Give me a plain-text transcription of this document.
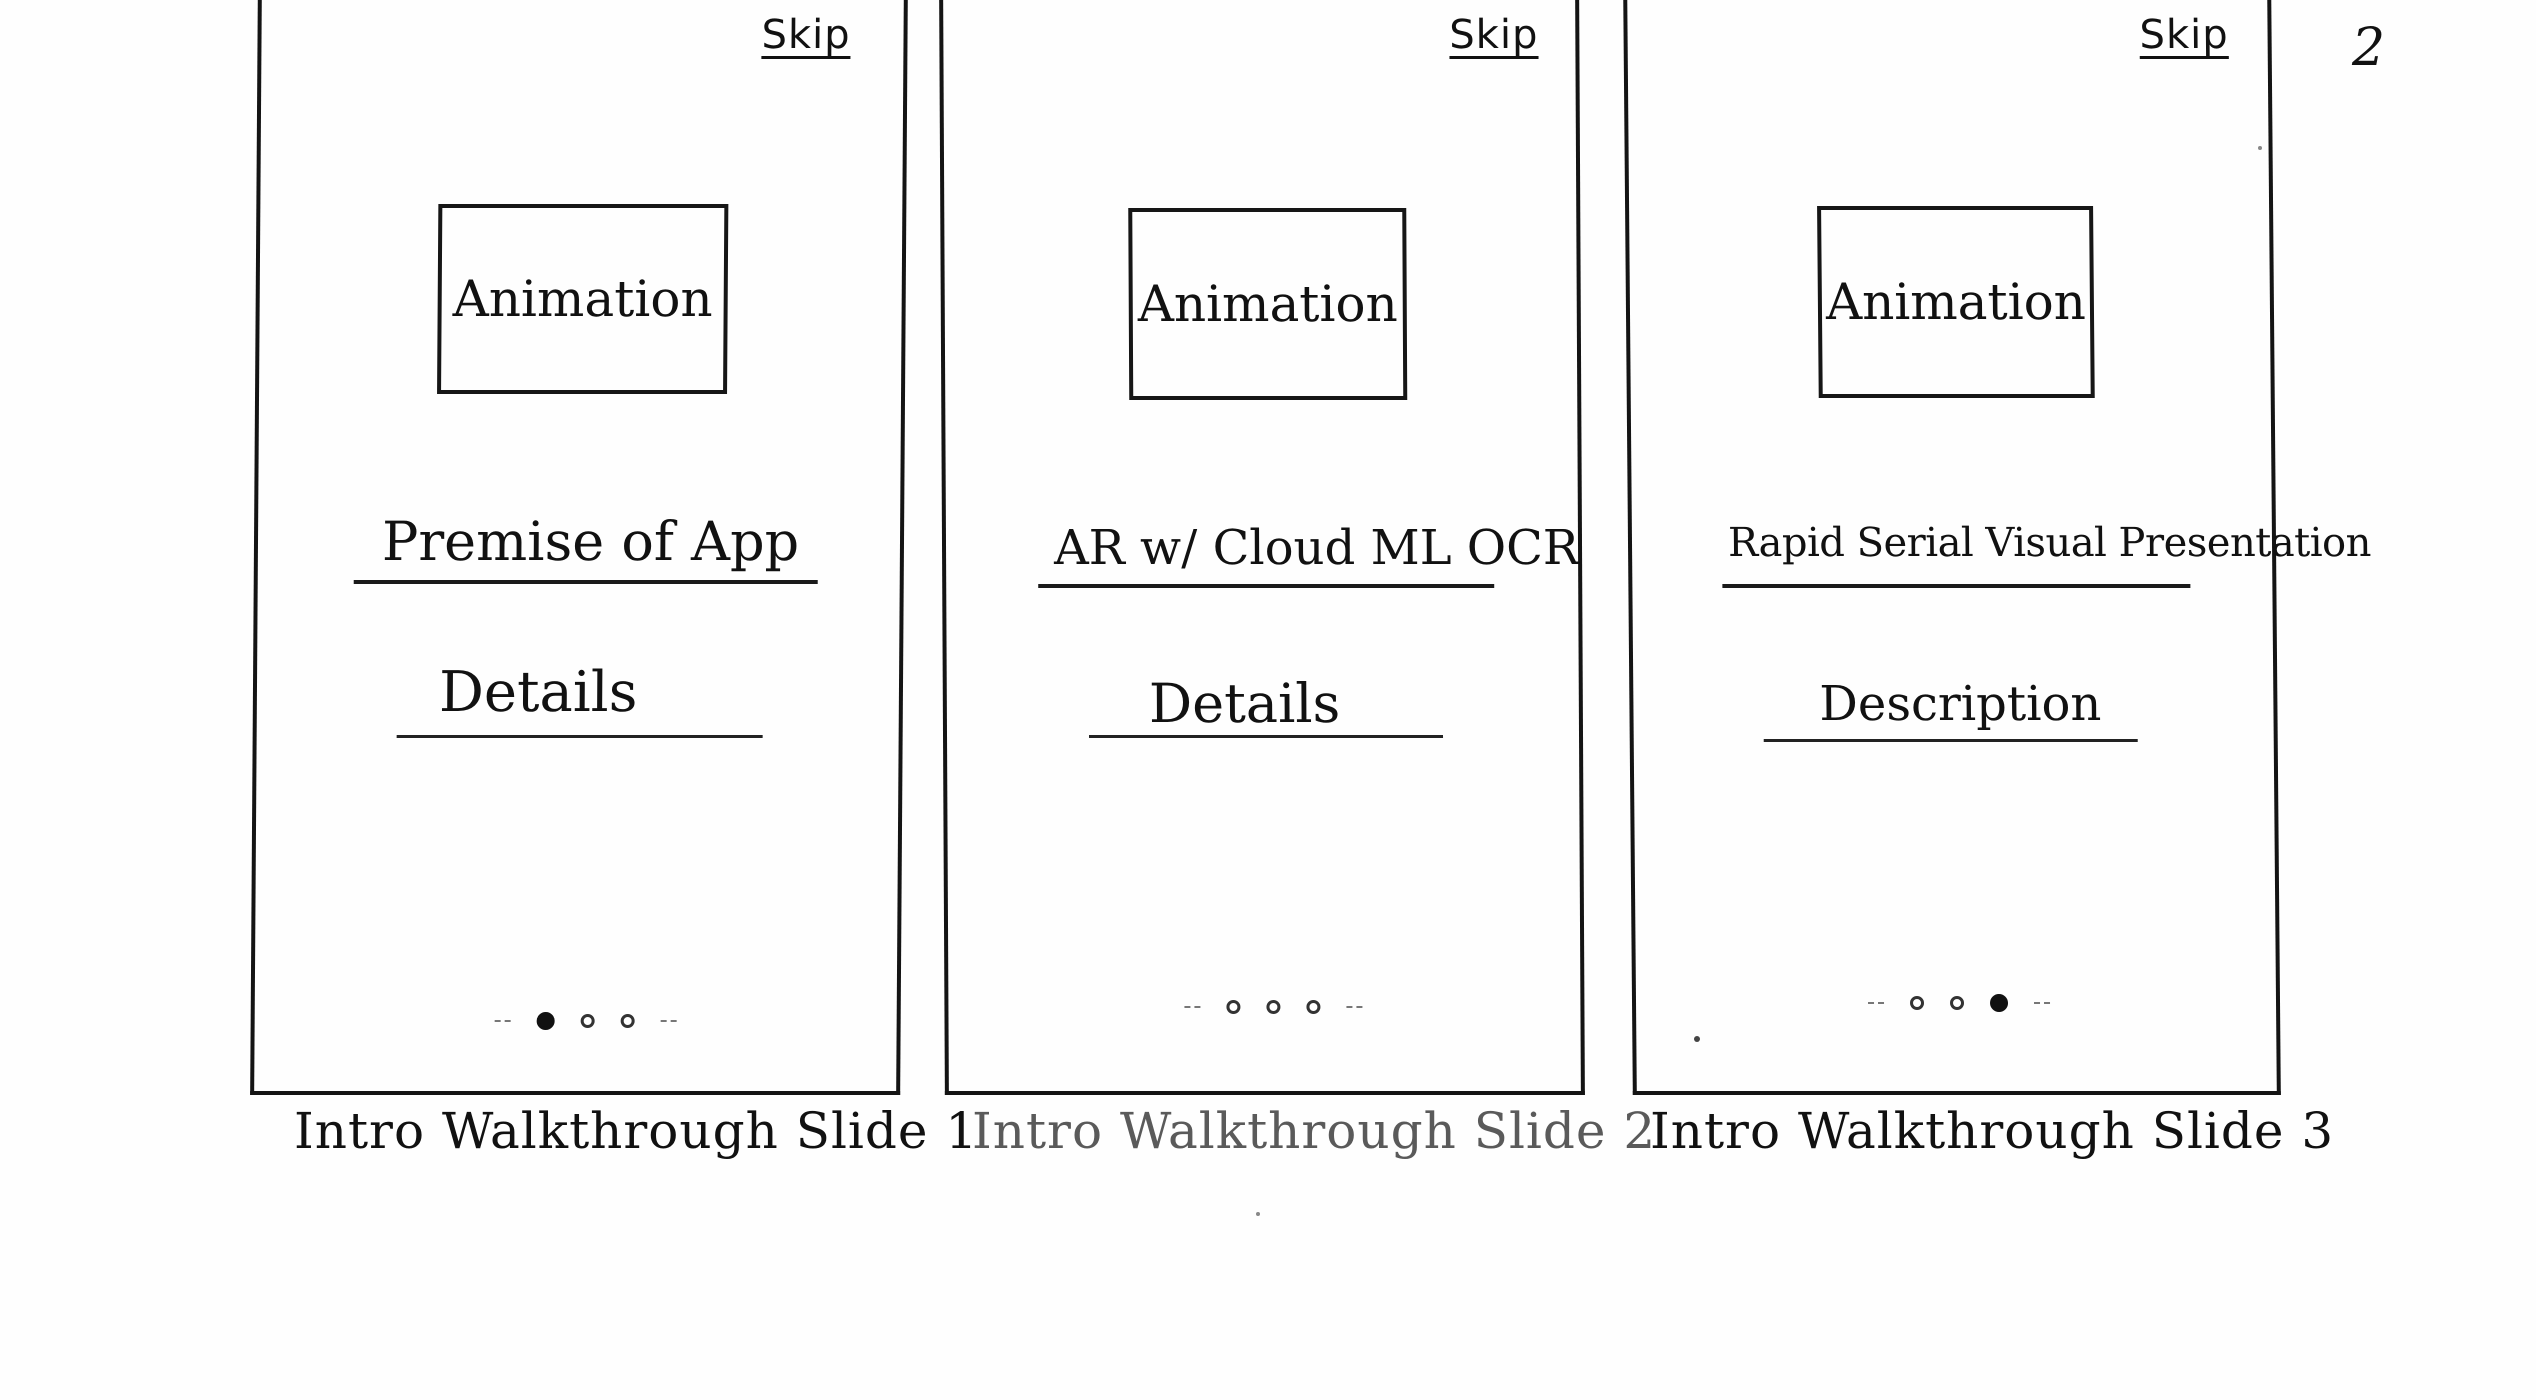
2
Skip
Animation
Premise of App
Details
Intro Walkthrough Slide 1
Skip
Animation
AR w/ Cloud ML OCR
Details
Intro Walkthrough Slide 2
Skip
Animation
Rapid Serial Visual Presentation
Description
Intro Walkthrough Slide 3
